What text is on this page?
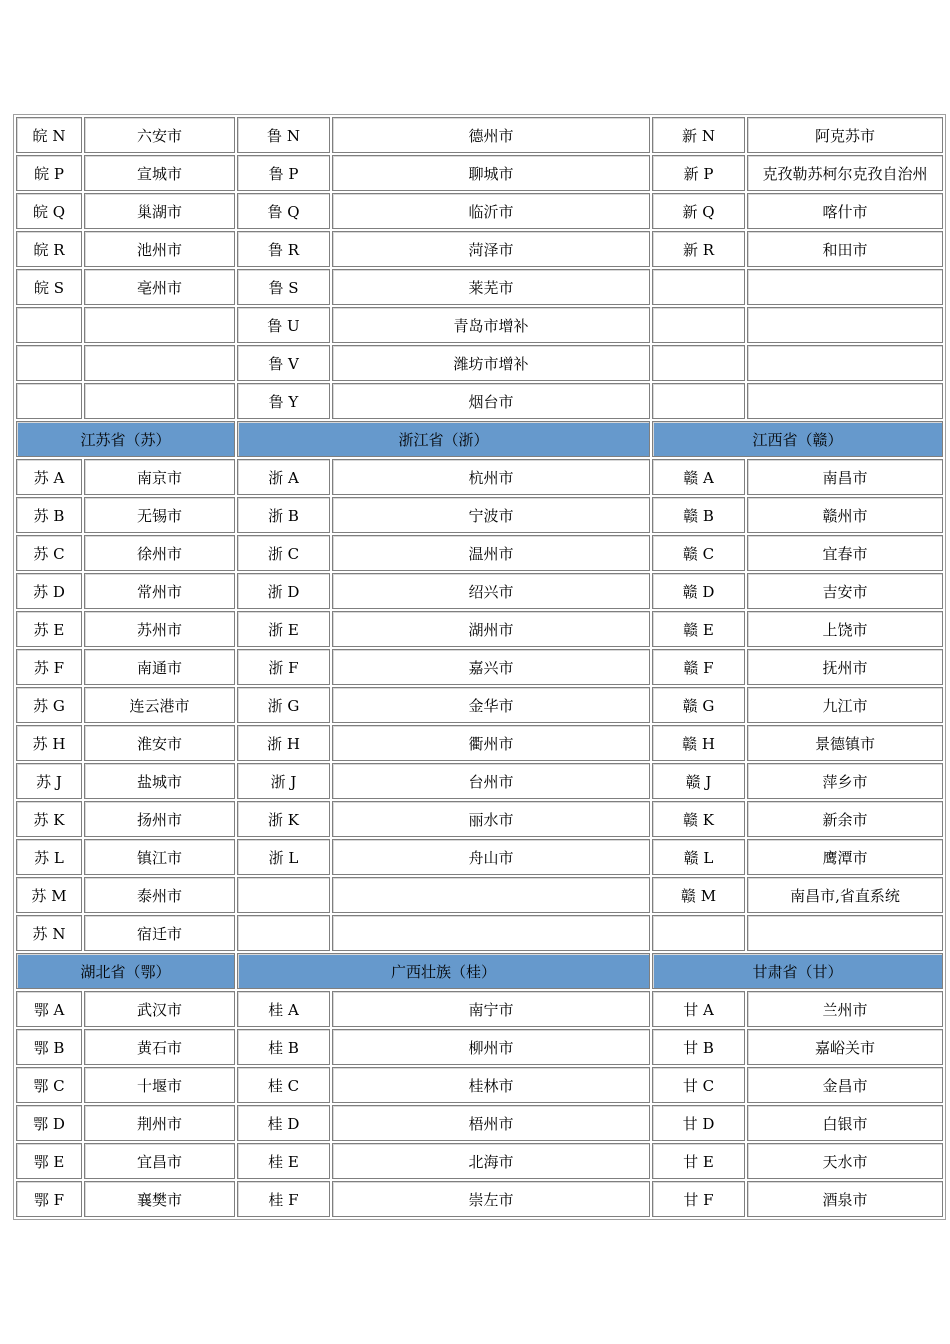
皖 N	六安市	鲁 N	德州市	新 N	阿克苏市
皖 P	宣城市	鲁 P	聊城市	新 P	克孜勒苏柯尔克孜自治州
皖 Q	巢湖市	鲁 Q	临沂市	新 Q	喀什市
皖 R	池州市	鲁 R	菏泽市	新 R	和田市
皖 S	亳州市	鲁 S	莱芜市		
		鲁 U	青岛市增补		
		鲁 V	潍坊市增补		
		鲁 Y	烟台市		
江苏省（苏）		浙江省（浙）		江西省（赣）	
苏 A	南京市	浙 A	杭州市	赣 A	南昌市
苏 B	无锡市	浙 B	宁波市	赣 B	赣州市
苏 C	徐州市	浙 C	温州市	赣 C	宜春市
苏 D	常州市	浙 D	绍兴市	赣 D	吉安市
苏 E	苏州市	浙 E	湖州市	赣 E	上饶市
苏 F	南通市	浙 F	嘉兴市	赣 F	抚州市
苏 G	连云港市	浙 G	金华市	赣 G	九江市
苏 H	淮安市	浙 H	衢州市	赣 H	景德镇市
苏 J	盐城市	浙 J	台州市	赣 J	萍乡市
苏 K	扬州市	浙 K	丽水市	赣 K	新余市
苏 L	镇江市	浙 L	舟山市	赣 L	鹰潭市
苏 M	泰州市			赣 M	南昌市,省直系统
苏 N	宿迁市				
湖北省（鄂）		广西壮族（桂）		甘肃省（甘）	
鄂 A	武汉市	桂 A	南宁市	甘 A	兰州市
鄂 B	黄石市	桂 B	柳州市	甘 B	嘉峪关市
鄂 C	十堰市	桂 C	桂林市	甘 C	金昌市
鄂 D	荆州市	桂 D	梧州市	甘 D	白银市
鄂 E	宜昌市	桂 E	北海市	甘 E	天水市
鄂 F	襄樊市	桂 F	崇左市	甘 F	酒泉市
